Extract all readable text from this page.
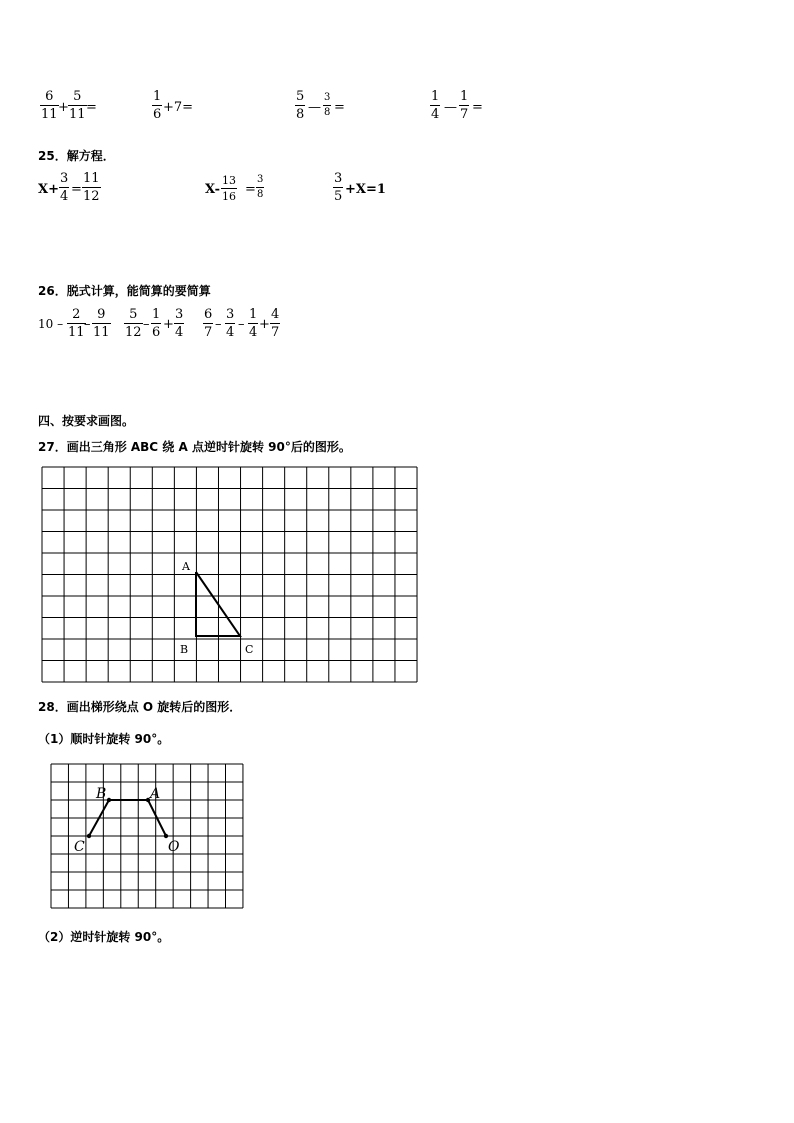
6
11 +
5
11 =
1
6 +7=
5
8 —
3
8 =
1
4 —
1
7 =
25．解方程．
X+
3
4 =
11
12	X-
13
16 =
3
8
3
5 +X=1
26．脱式计算，能简算的要简算
10 –
2
11
–
9
11
5
12
–
1
6
+
3
4
6
7
–
3
4
–
1
4
+
4
7
四、按要求画图。
27．画出三角形 ABC 绕 A 点逆时针旋转 90°后的图形。
A
B	C
B	A
C	O
28．画出梯形绕点 O 旋转后的图形．
（1）顺时针旋转 90°。
（2）逆时针旋转 90°。
